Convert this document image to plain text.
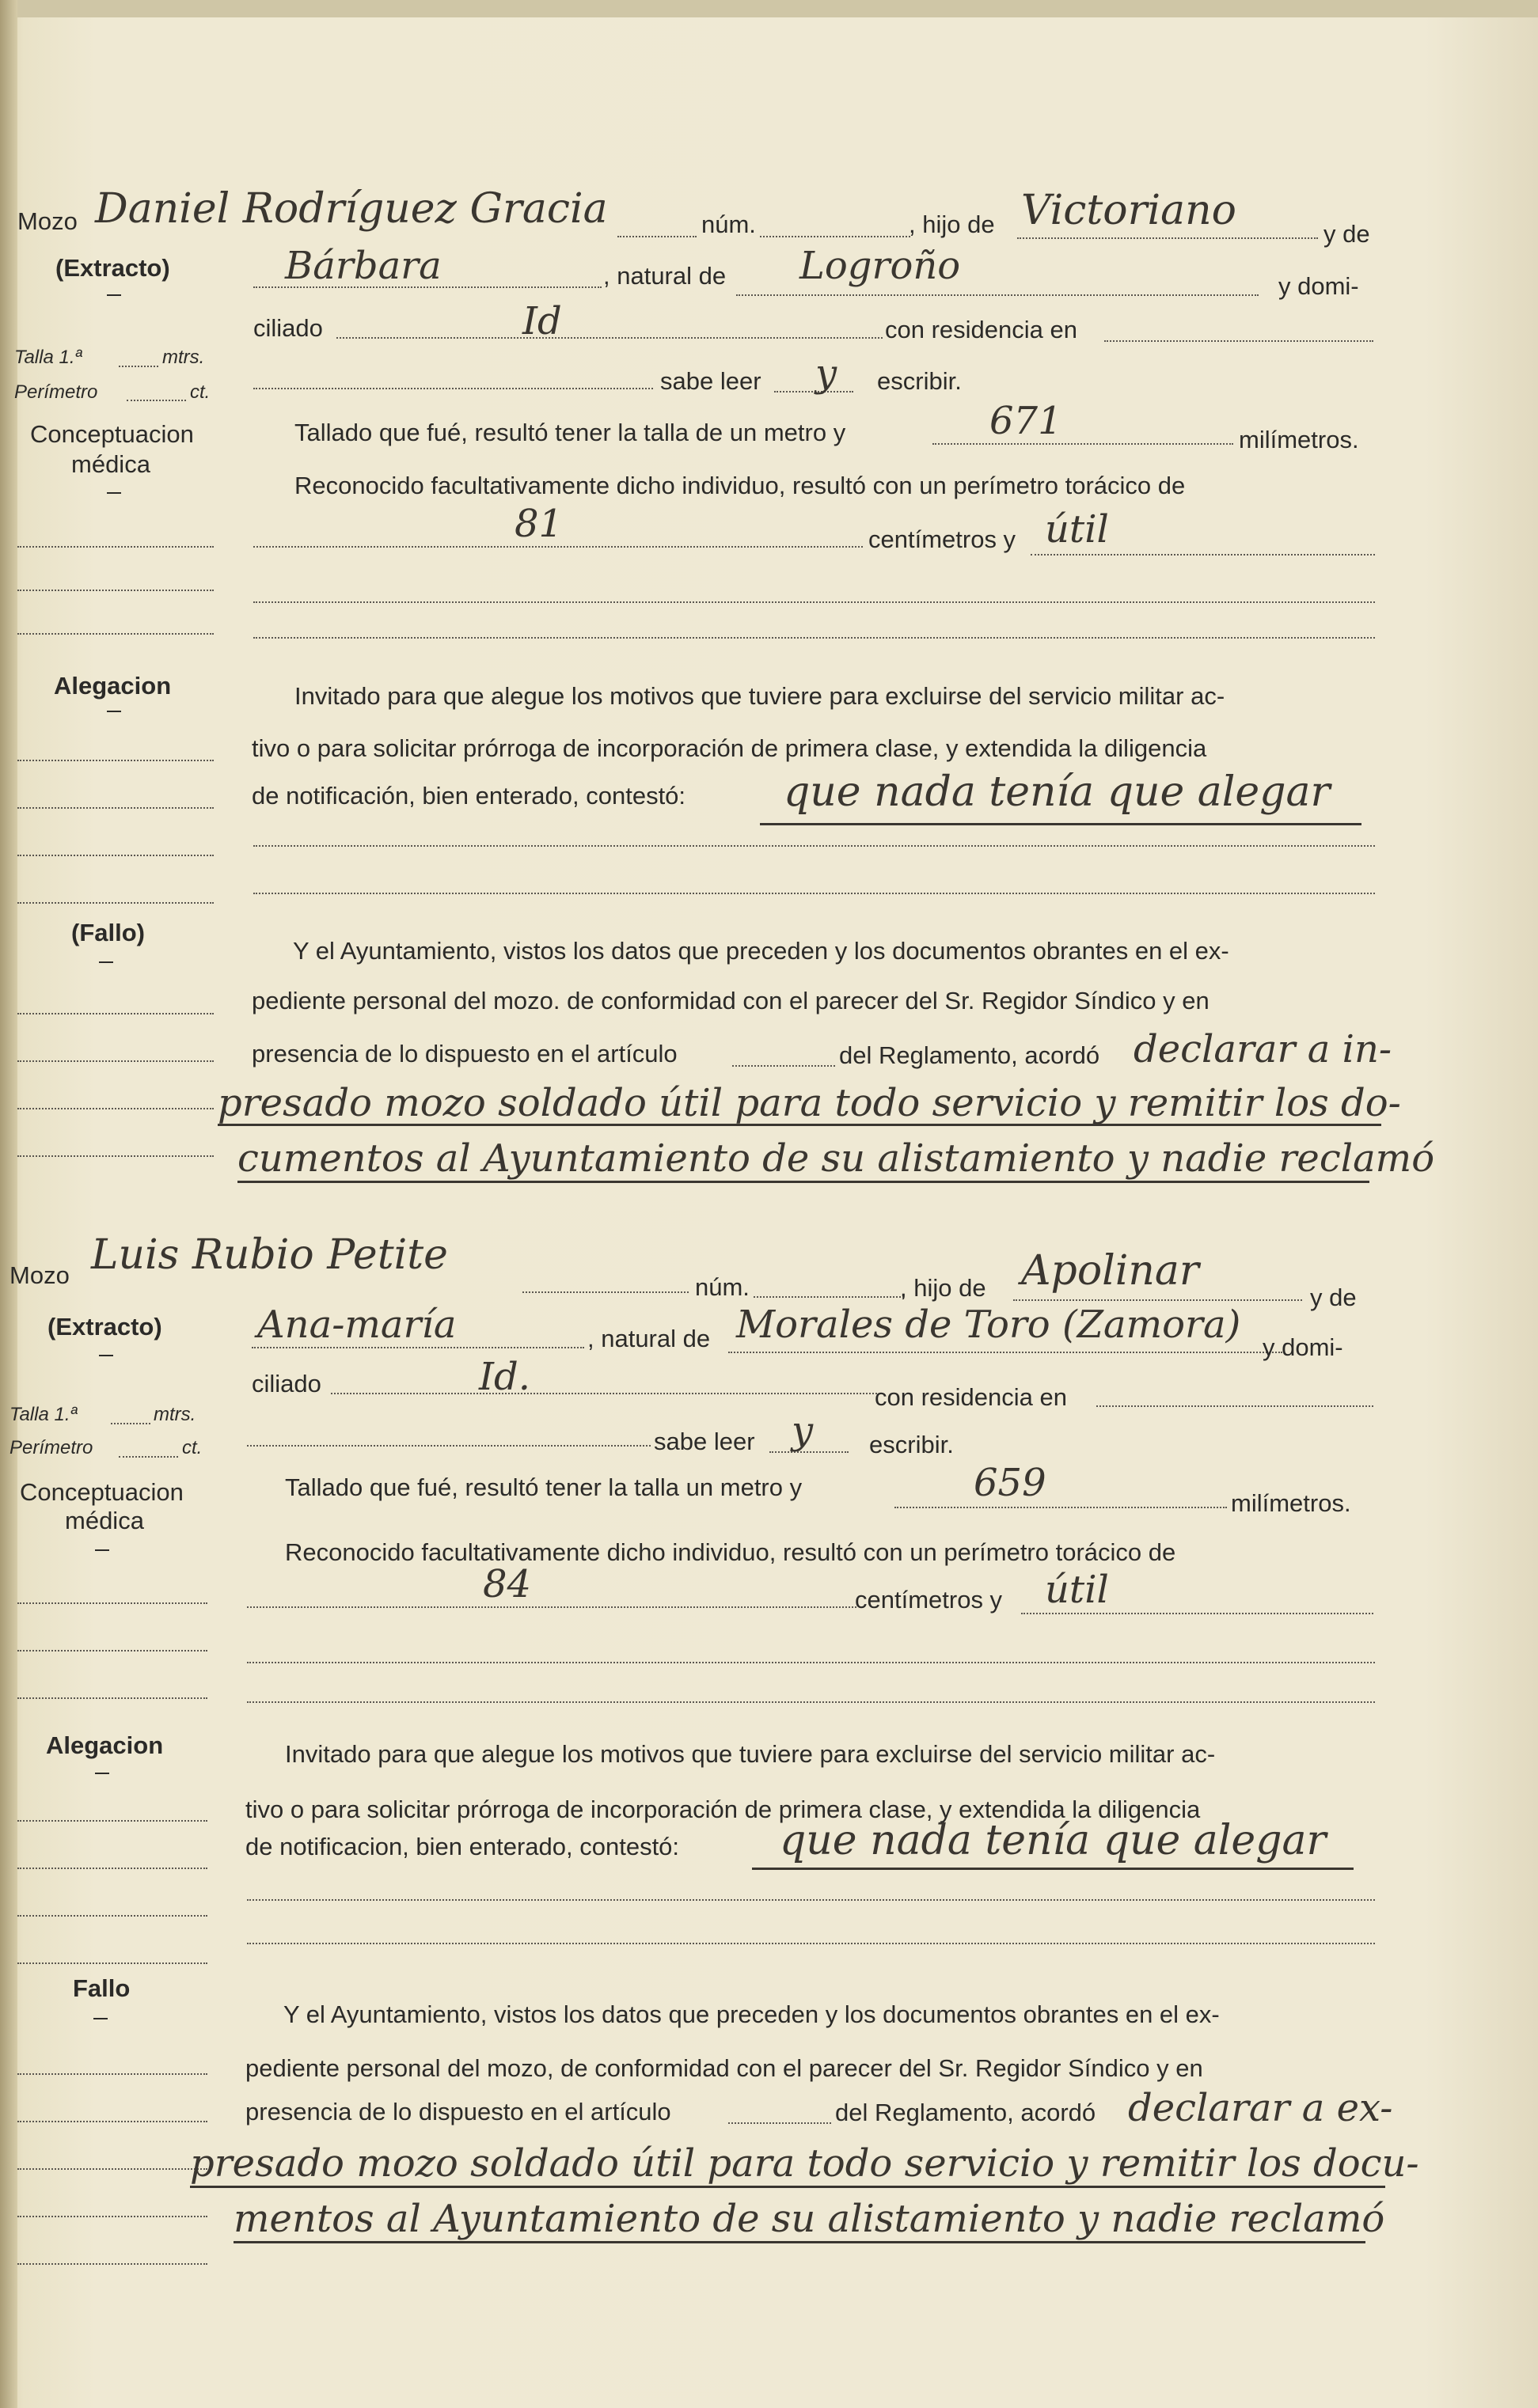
Mozo
(Extracto)
Talla 1.ª	mtrs.
Perímetro	ct.
Conceptuacion
médica
Alegacion
(Fallo)
Daniel Rodríguez Gracia	núm.	, hijo de Victoriano	y de
Bárbara	, natural de Logroño	y domi-
ciliado	Id	con residencia en
sabe leer y escribir.
Tallado que fué, resultó tener la talla de un metro y	671	milímetros.
Reconocido facultativamente dicho individuo, resultó con un perímetro torácico de
81	centímetros y útil
Invitado para que alegue los motivos que tuviere para excluirse del servicio militar ac-
tivo o para solicitar prórroga de incorporación de primera clase, y extendida la diligencia
de notificación, bien enterado, contestó: que nada tenía que alegar
Y el Ayuntamiento, vistos los datos que preceden y los documentos obrantes en el ex-
pediente personal del mozo. de conformidad con el parecer del Sr. Regidor Síndico y en
presencia de lo dispuesto en el artículo	del Reglamento, acordó declarar a in-
presado mozo soldado útil para todo servicio y remitir los do-
cumentos al Ayuntamiento de su alistamiento y nadie reclamó
Mozo
(Extracto)
Talla 1.ª	mtrs.
Perímetro	ct.
Conceptuacion
médica
Alegacion
Fallo
Luis Rubio Petite
núm.	, hijo de Apolinar
y de
Ana-maría	, natural de Morales de Toro (Zamora)
y domi-
ciliado	Id.	con residencia en
sabe leer y escribir.
Tallado que fué, resultó tener la talla un metro y	659	milímetros.
Reconocido facultativamente dicho individuo, resultó con un perímetro torácico de
84	centímetros y útil
Invitado para que alegue los motivos que tuviere para excluirse del servicio militar ac-
tivo o para solicitar prórroga de incorporación de primera clase, y extendida la diligencia
de notificacion, bien enterado, contestó: que nada tenía que alegar
Y el Ayuntamiento, vistos los datos que preceden y los documentos obrantes en el ex-
pediente personal del mozo, de conformidad con el parecer del Sr. Regidor Síndico y en
presencia de lo dispuesto en el artículo	del Reglamento, acordó declarar a ex-
presado mozo soldado útil para todo servicio y remitir los docu-
mentos al Ayuntamiento de su alistamiento y nadie reclamó
